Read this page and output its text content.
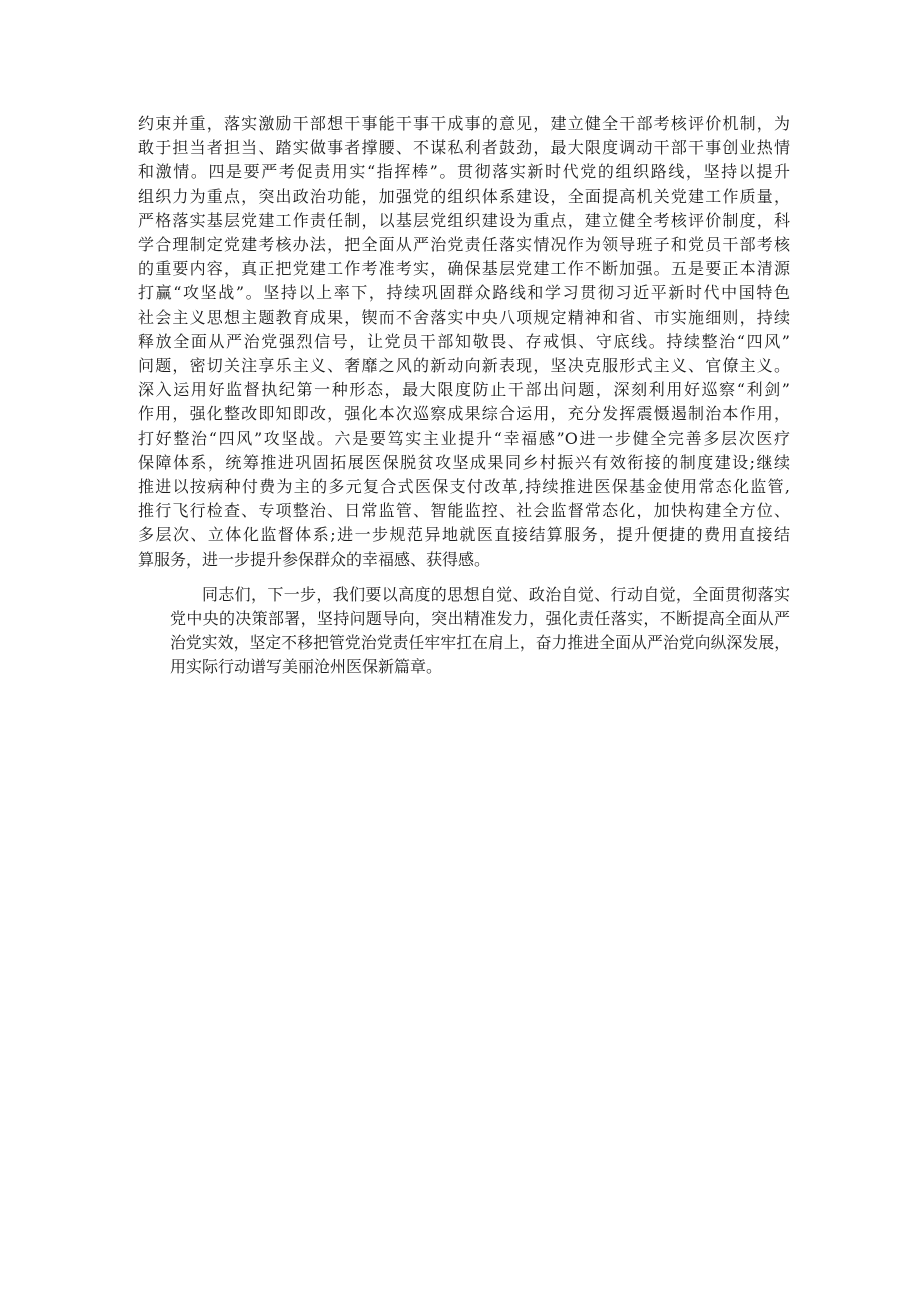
约束并重，落实激励干部想干事能干事干成事的意见，建立健全干部考核评价机制，为
敢于担当者担当、踏实做事者撑腰、不谋私利者鼓劲，最大限度调动干部干事创业热情
和激情。四是要严考促责用实“指挥棒”。贯彻落实新时代党的组织路线，坚持以提升
组织力为重点，突出政治功能，加强党的组织体系建设，全面提高机关党建工作质量，
严格落实基层党建工作责任制，以基层党组织建设为重点，建立健全考核评价制度，科
学合理制定党建考核办法，把全面从严治党责任落实情况作为领导班子和党员干部考核
的重要内容，真正把党建工作考准考实，确保基层党建工作不断加强。五是要正本清源
打赢“攻坚战”。坚持以上率下，持续巩固群众路线和学习贯彻习近平新时代中国特色
社会主义思想主题教育成果，锲而不舍落实中央八项规定精神和省、市实施细则，持续
释放全面从严治党强烈信号，让党员干部知敬畏、存戒惧、守底线。持续整治“四风”
问题，密切关注享乐主义、奢靡之风的新动向新表现，坚决克服形式主义、官僚主义。
深入运用好监督执纪第一种形态，最大限度防止干部出问题，深刻利用好巡察“利剑”
作用，强化整改即知即改，强化本次巡察成果综合运用，充分发挥震慑遏制治本作用，
打好整治“四风”攻坚战。六是要笃实主业提升“幸福感”O进一步健全完善多层次医疗
保障体系，统筹推进巩固拓展医保脱贫攻坚成果同乡村振兴有效衔接的制度建设;继续
推进以按病种付费为主的多元复合式医保支付改革,持续推进医保基金使用常态化监管,
推行飞行检查、专项整治、日常监管、智能监控、社会监督常态化，加快构建全方位、
多层次、立体化监督体系;进一步规范异地就医直接结算服务，提升便捷的费用直接结
算服务，进一步提升参保群众的幸福感、获得感。
同志们，下一步，我们要以高度的思想自觉、政治自觉、行动自觉，全面贯彻落实
党中央的决策部署，坚持问题导向，突出精准发力，强化责任落实，不断提高全面从严
治党实效，坚定不移把管党治党责任牢牢扛在肩上，奋力推进全面从严治党向纵深发展，
用实际行动谱写美丽沧州医保新篇章。
